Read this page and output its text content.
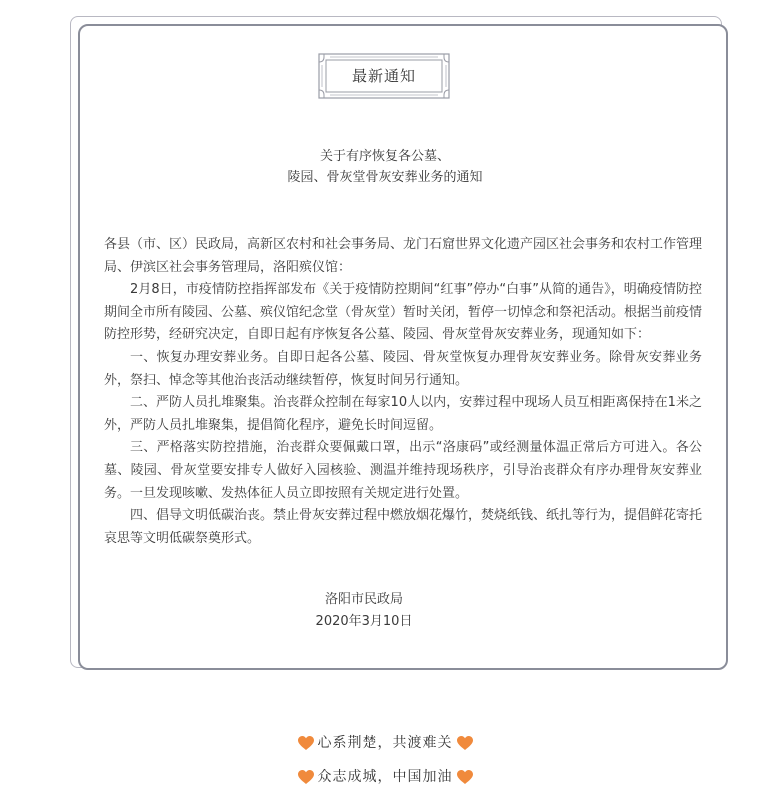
最新通知
关于有序恢复各公墓、
陵园、骨灰堂骨灰安葬业务的通知

各县（市、区）民政局，高新区农村和社会事务局、龙门石窟世界文化遗产园区社会事务和农村工作管理局、伊滨区社会事务管理局，洛阳殡仪馆：

2月8日，市疫情防控指挥部发布《关于疫情防控期间“红事”停办“白事”从简的通告》，明确疫情防控期间全市所有陵园、公墓、殡仪馆纪念堂（骨灰堂）暂时关闭，暂停一切悼念和祭祀活动。根据当前疫情防控形势，经研究决定，自即日起有序恢复各公墓、陵园、骨灰堂骨灰安葬业务，现通知如下：

一、恢复办理安葬业务。自即日起各公墓、陵园、骨灰堂恢复办理骨灰安葬业务。除骨灰安葬业务外，祭扫、悼念等其他治丧活动继续暂停，恢复时间另行通知。

二、严防人员扎堆聚集。治丧群众控制在每家10人以内，安葬过程中现场人员互相距离保持在1米之外，严防人员扎堆聚集，提倡简化程序，避免长时间逗留。

三、严格落实防控措施，治丧群众要佩戴口罩，出示“洛康码”或经测量体温正常后方可进入。各公墓、陵园、骨灰堂要安排专人做好入园核验、测温并维持现场秩序，引导治丧群众有序办理骨灰安葬业务。一旦发现咳嗽、发热体征人员立即按照有关规定进行处置。

四、倡导文明低碳治丧。禁止骨灰安葬过程中燃放烟花爆竹，焚烧纸钱、纸扎等行为，提倡鲜花寄托哀思等文明低碳祭奠形式。

洛阳市民政局
2020年3月10日
心系荆楚，共渡难关
众志成城，中国加油
